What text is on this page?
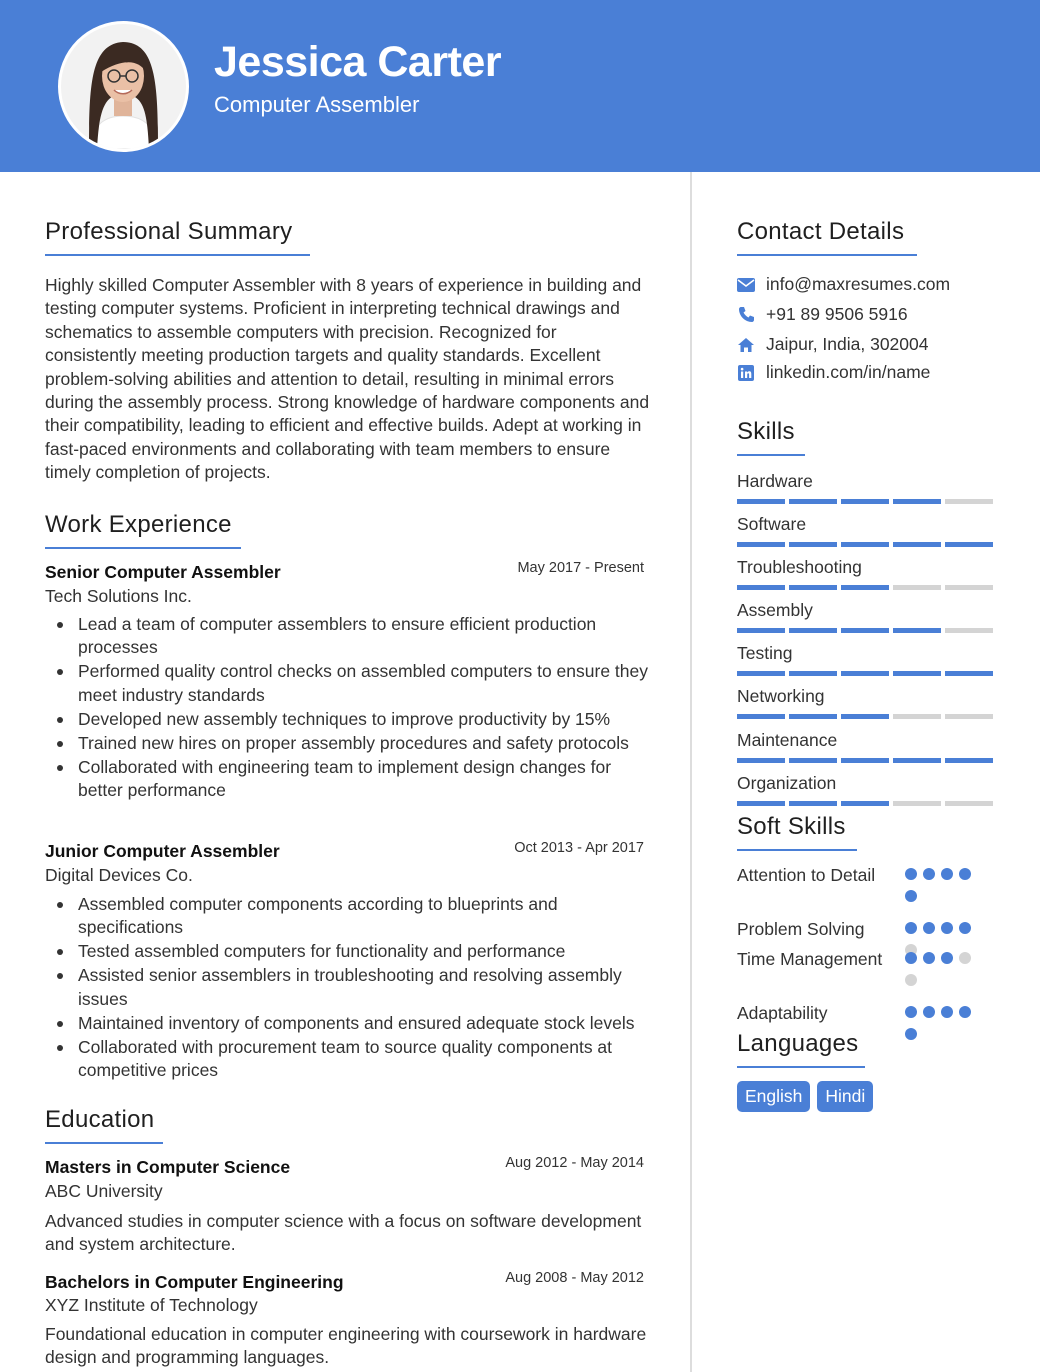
Jessica Carter
Computer Assembler
Professional Summary
Highly skilled Computer Assembler with 8 years of experience in building and testing computer systems. Proficient in interpreting technical drawings and schematics to assemble computers with precision. Recognized for consistently meeting production targets and quality standards. Excellent problem-solving abilities and attention to detail, resulting in minimal errors during the assembly process. Strong knowledge of hardware components and their compatibility, leading to efficient and effective builds. Adept at working in fast-paced environments and collaborating with team members to ensure timely completion of projects.
Work Experience
Senior Computer Assembler	May 2017 - Present
Tech Solutions Inc.
Lead a team of computer assemblers to ensure efficient production processes
Performed quality control checks on assembled computers to ensure they meet industry standards
Developed new assembly techniques to improve productivity by 15%
Trained new hires on proper assembly procedures and safety protocols
Collaborated with engineering team to implement design changes for better performance
Junior Computer Assembler	Oct 2013 - Apr 2017
Digital Devices Co.
Assembled computer components according to blueprints and specifications
Tested assembled computers for functionality and performance
Assisted senior assemblers in troubleshooting and resolving assembly issues
Maintained inventory of components and ensured adequate stock levels
Collaborated with procurement team to source quality components at competitive prices
Education
Masters in Computer Science	Aug 2012 - May 2014
ABC University
Advanced studies in computer science with a focus on software development and system architecture.
Bachelors in Computer Engineering	Aug 2008 - May 2012
XYZ Institute of Technology
Foundational education in computer engineering with coursework in hardware design and programming languages.
Contact Details
info@maxresumes.com
+91 89 9506 5916
Jaipur, India, 302004
linkedin.com/in/name
Skills
Hardware
Software
Troubleshooting
Assembly
Testing
Networking
Maintenance
Organization
Soft Skills
Attention to Detail
Problem Solving
Time Management
Adaptability
Languages
English	Hindi
